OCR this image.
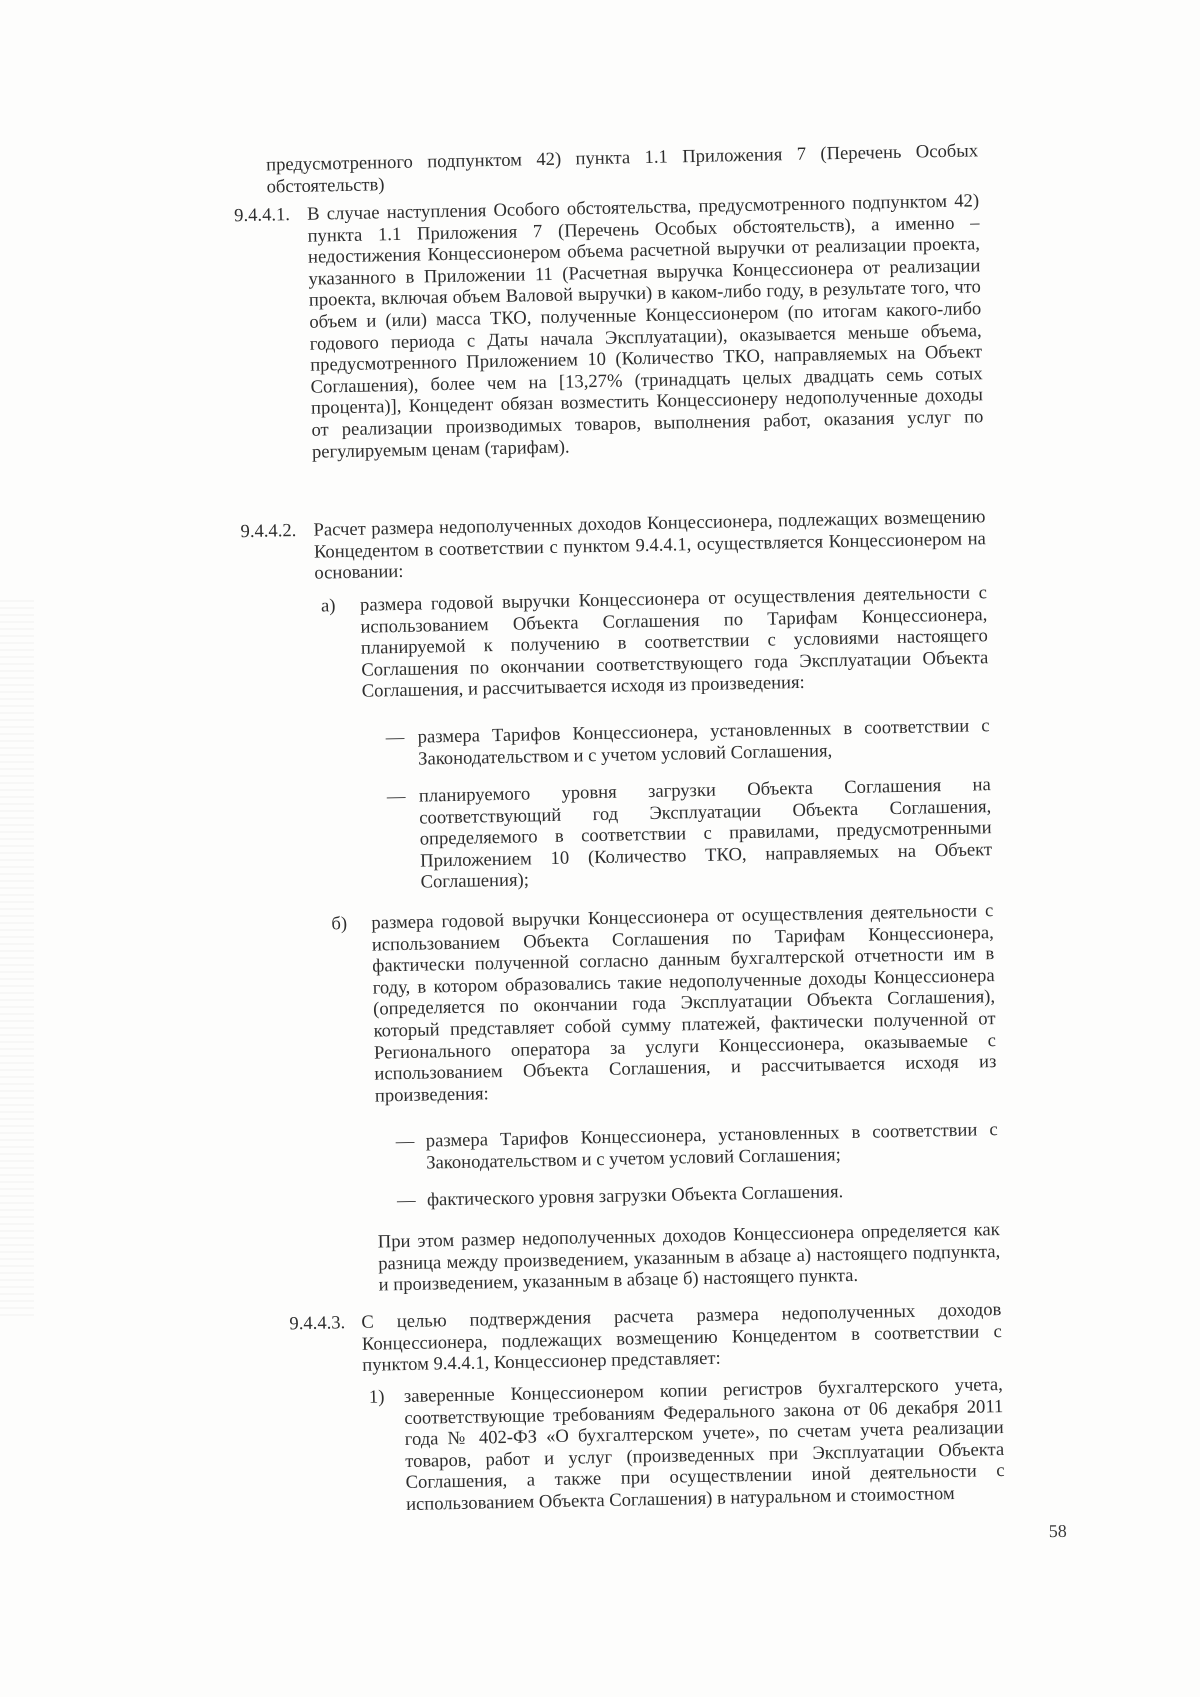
предусмотренного подпунктом 42) пункта 1.1 Приложения 7 (Перечень Особых обстоятельств)
9.4.4.1. В случае наступления Особого обстоятельства, предусмотренного подпунктом 42) пункта 1.1 Приложения 7 (Перечень Особых обстоятельств), а именно – недостижения Концессионером объема расчетной выручки от реализации проекта, указанного в Приложении 11 (Расчетная выручка Концессионера от реализации проекта, включая объем Валовой выручки) в каком-либо году, в результате того, что объем и (или) масса ТКО, полученные Концессионером (по итогам какого-либо годового периода с Даты начала Эксплуатации), оказывается меньше объема, предусмотренного Приложением 10 (Количество ТКО, направляемых на Объект Соглашения), более чем на [13,27% (тринадцать целых двадцать семь сотых процента)], Концедент обязан возместить Концессионеру недополученные доходы от реализации производимых товаров, выполнения работ, оказания услуг по регулируемым ценам (тарифам).
9.4.4.2. Расчет размера недополученных доходов Концессионера, подлежащих возмещению Концедентом в соответствии с пунктом 9.4.4.1, осуществляется Концессионером на основании:
а) размера годовой выручки Концессионера от осуществления деятельности с использованием Объекта Соглашения по Тарифам Концессионера, планируемой к получению в соответствии с условиями настоящего Соглашения по окончании соответствующего года Эксплуатации Объекта Соглашения, и рассчитывается исходя из произведения:
— размера Тарифов Концессионера, установленных в соответствии с Законодательством и с учетом условий Соглашения,
— планируемого уровня загрузки Объекта Соглашения на соответствующий год Эксплуатации Объекта Соглашения, определяемого в соответствии с правилами, предусмотренными Приложением 10 (Количество ТКО, направляемых на Объект Соглашения);
б) размера годовой выручки Концессионера от осуществления деятельности с использованием Объекта Соглашения по Тарифам Концессионера, фактически полученной согласно данным бухгалтерской отчетности им в году, в котором образовались такие недополученные доходы Концессионера (определяется по окончании года Эксплуатации Объекта Соглашения), который представляет собой сумму платежей, фактически полученной от Регионального оператора за услуги Концессионера, оказываемые с использованием Объекта Соглашения, и рассчитывается исходя из произведения:
— размера Тарифов Концессионера, установленных в соответствии с Законодательством и с учетом условий Соглашения;
— фактического уровня загрузки Объекта Соглашения.
При этом размер недополученных доходов Концессионера определяется как разница между произведением, указанным в абзаце а) настоящего подпункта, и произведением, указанным в абзаце б) настоящего пункта.
9.4.4.3. С целью подтверждения расчета размера недополученных доходов Концессионера, подлежащих возмещению Концедентом в соответствии с пунктом 9.4.4.1, Концессионер представляет:
1) заверенные Концессионером копии регистров бухгалтерского учета, соответствующие требованиям Федерального закона от 06 декабря 2011 года № 402-ФЗ «О бухгалтерском учете», по счетам учета реализации товаров, работ и услуг (произведенных при Эксплуатации Объекта Соглашения, а также при осуществлении иной деятельности с использованием Объекта Соглашения) в натуральном и стоимостном
58
